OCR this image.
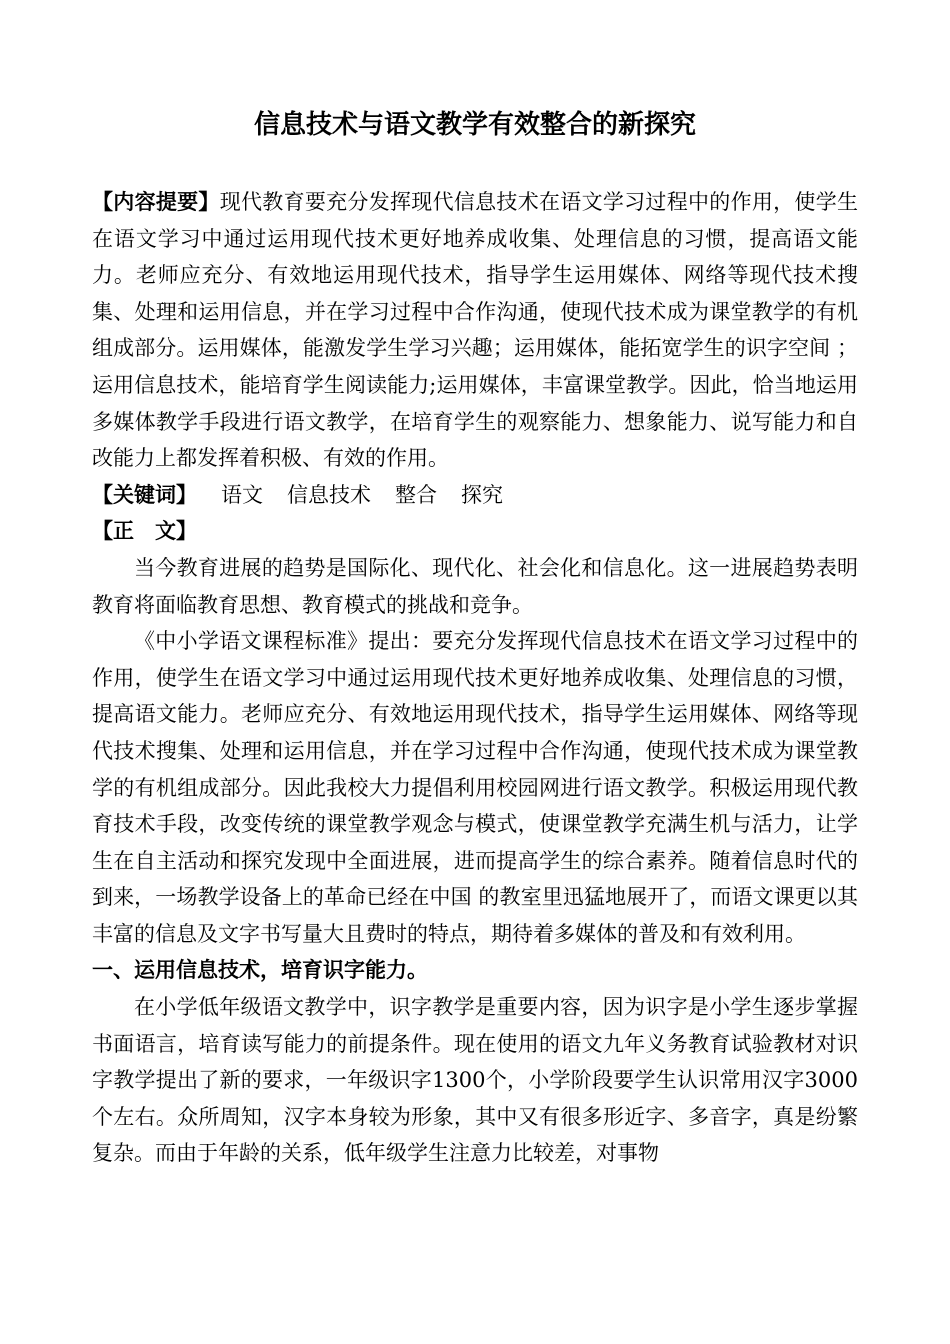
信息技术与语文教学有效整合的新探究

【内容提要】现代教育要充分发挥现代信息技术在语文学习过程中的作用，使学生在语文学习中通过运用现代技术更好地养成收集、处理信息的习惯，提高语文能力。老师应充分、有效地运用现代技术，指导学生运用媒体、网络等现代技术搜集、处理和运用信息，并在学习过程中合作沟通，使现代技术成为课堂教学的有机组成部分。运用媒体，能激发学生学习兴趣；运用媒体，能拓宽学生的识字空间 ； 运用信息技术，能培育学生阅读能力;运用媒体，丰富课堂教学。因此，恰当地运用多媒体教学手段进行语文教学，在培育学生的观察能力、想象能力、说写能力和自改能力上都发挥着积极、有效的作用。

【关键词】 语文 信息技术 整合 探究

【正　文】

当今教育进展的趋势是国际化、现代化、社会化和信息化。这一进展趋势表明教育将面临教育思想、教育模式的挑战和竞争。

《中小学语文课程标准》提出：要充分发挥现代信息技术在语文学习过程中的作用，使学生在语文学习中通过运用现代技术更好地养成收集、处理信息的习惯，提高语文能力。老师应充分、有效地运用现代技术，指导学生运用媒体、网络等现代技术搜集、处理和运用信息，并在学习过程中合作沟通，使现代技术成为课堂教学的有机组成部分。因此我校大力提倡利用校园网进行语文教学。积极运用现代教育技术手段，改变传统的课堂教学观念与模式，使课堂教学充满生机与活力，让学生在自主活动和探究发现中全面进展，进而提高学生的综合素养。随着信息时代的到来，一场教学设备上的革命已经在中国 的教室里迅猛地展开了，而语文课更以其丰富的信息及文字书写量大且费时的特点，期待着多媒体的普及和有效利用。

一、运用信息技术，培育识字能力。

在小学低年级语文教学中，识字教学是重要内容，因为识字是小学生逐步掌握书面语言，培育读写能力的前提条件。现在使用的语文九年义务教育试验教材对识字教学提出了新的要求，一年级识字1300个，小学阶段要学生认识常用汉字3000个左右。众所周知，汉字本身较为形象，其中又有很多形近字、多音字，真是纷繁复杂。而由于年龄的关系，低年级学生注意力比较差，对事物
